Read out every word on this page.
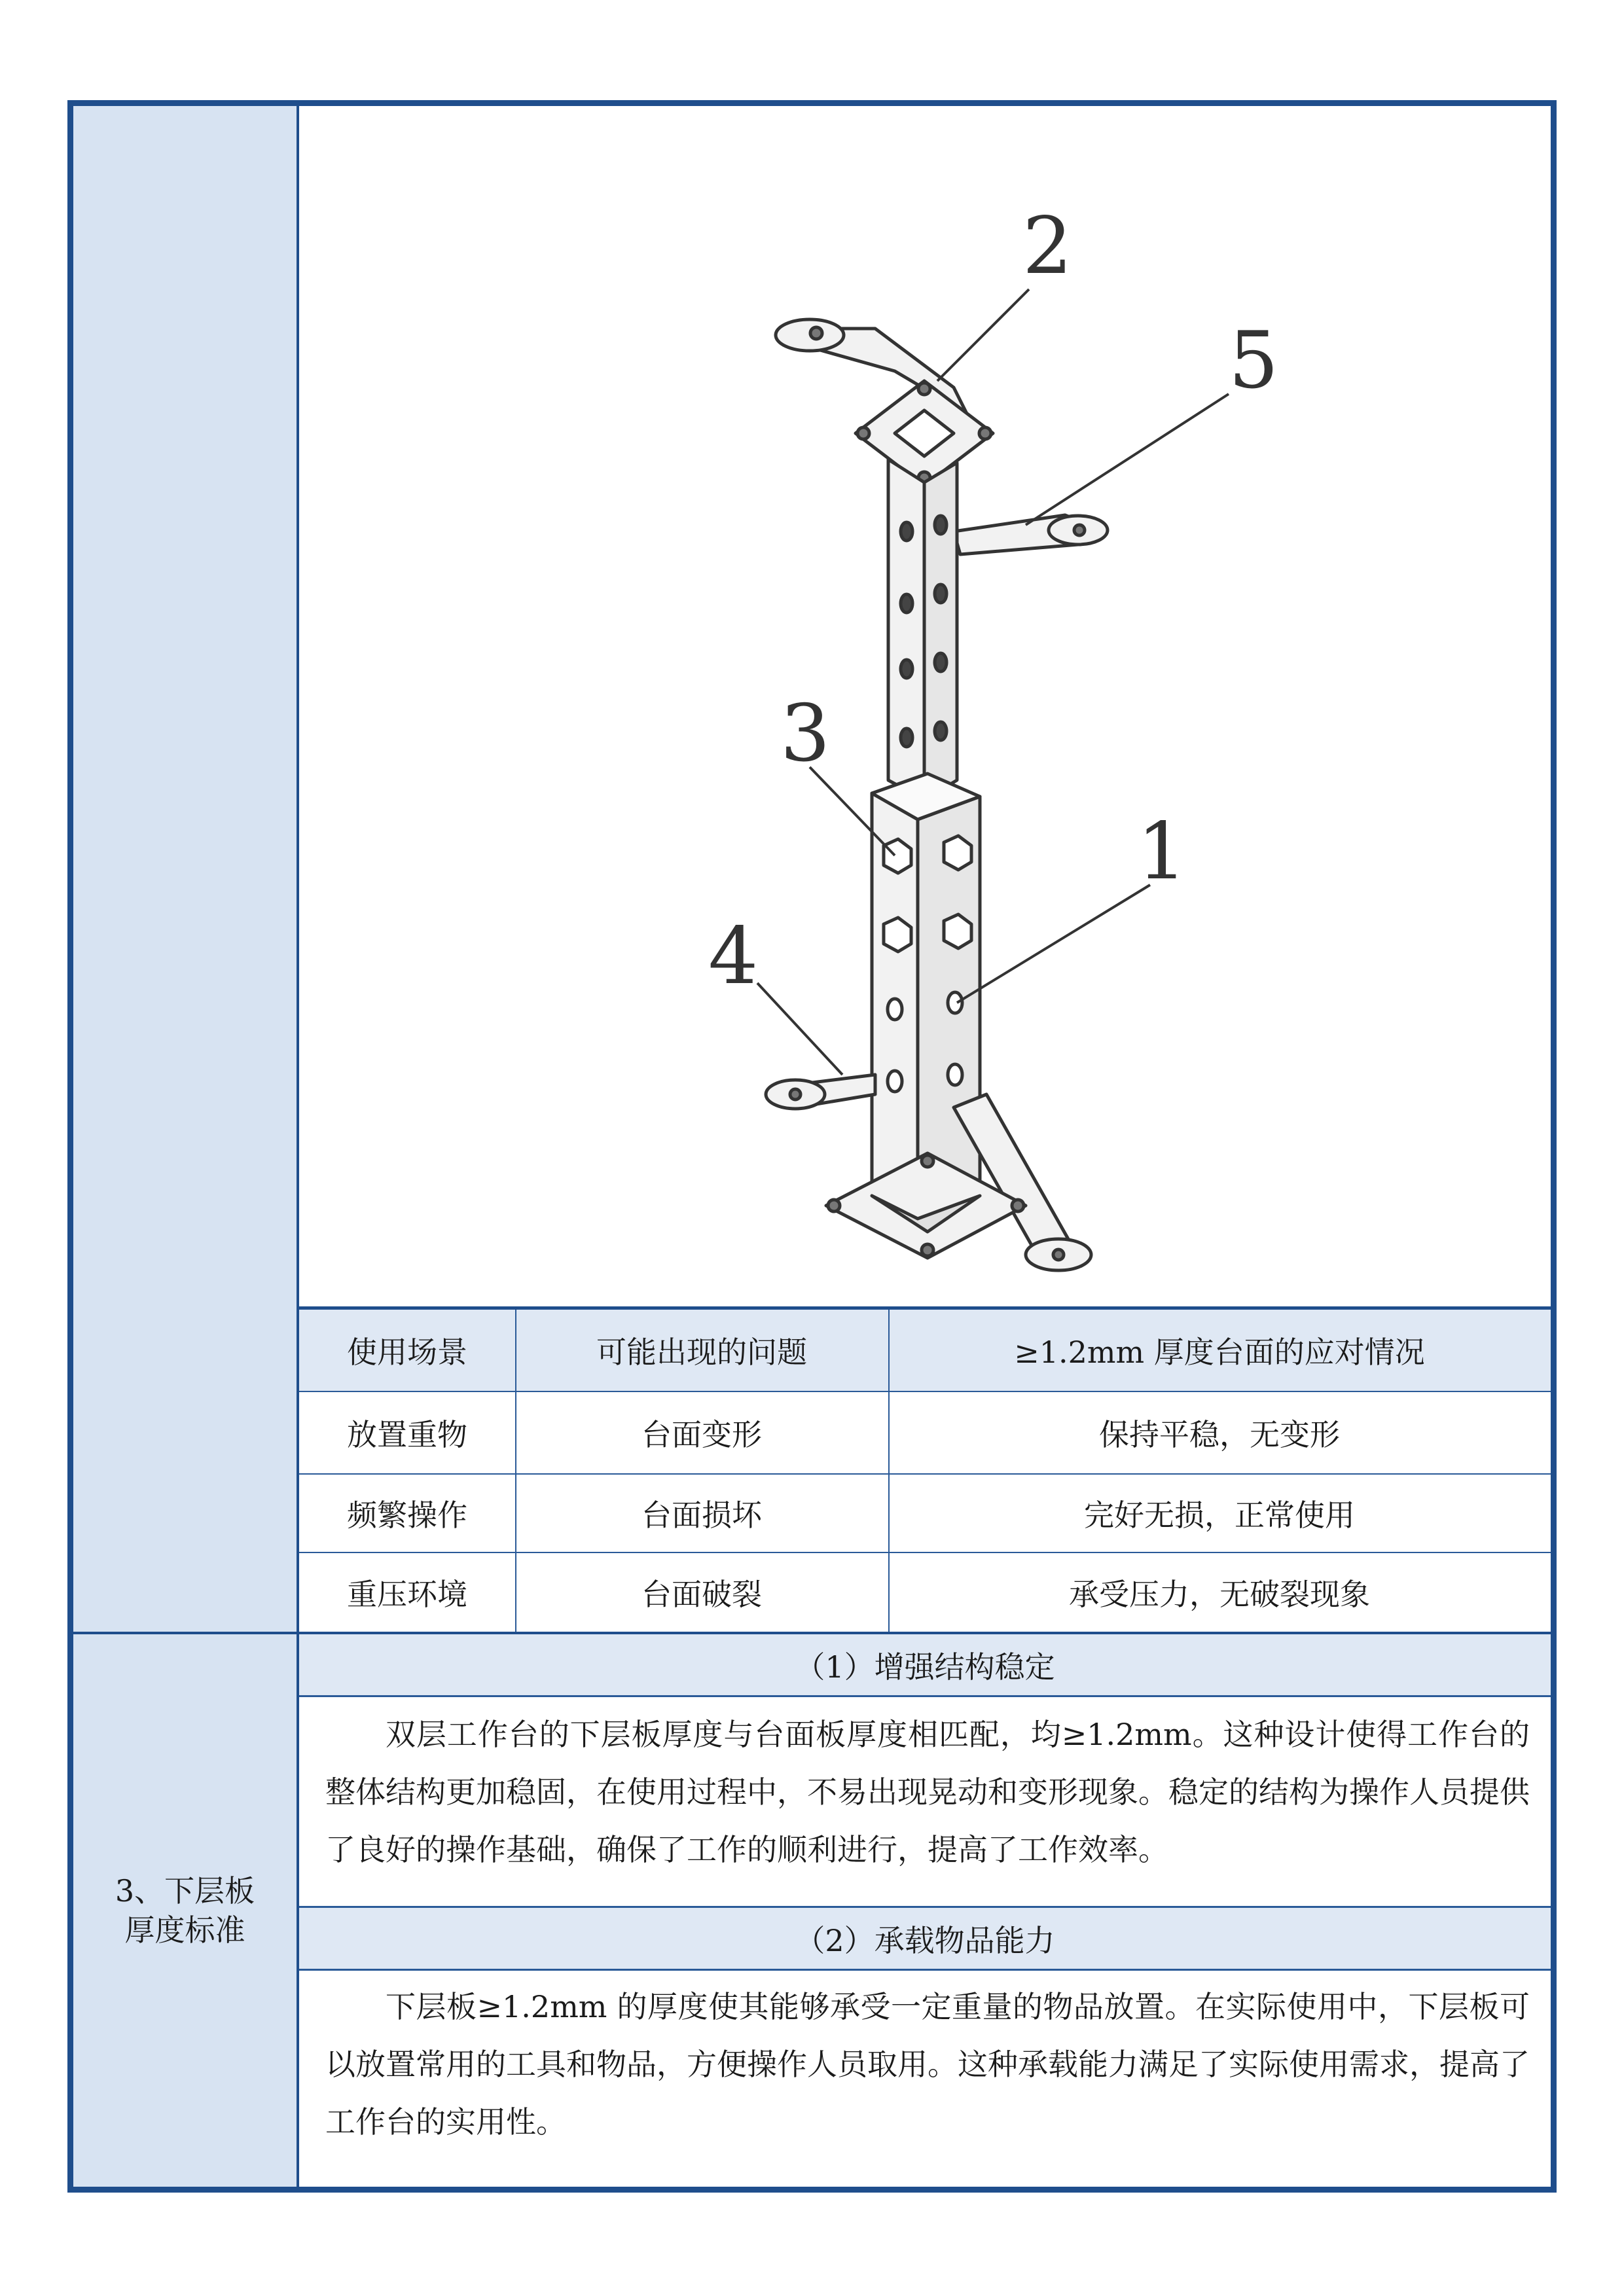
2
5
3
1
4
使用场景	可能出现的问题	≥1.2mm 厚度台面的应对情况
放置重物	台面变形	保持平稳，无变形
频繁操作	台面损坏	完好无损，正常使用
重压环境	台面破裂	承受压力，无破裂现象
3、下层板
厚度标准
（1）增强结构稳定
双层工作台的下层板厚度与台面板厚度相匹配，均≥1.2mm。这种设计使得工作台的整体结构更加稳固，在使用过程中，不易出现晃动和变形现象。稳定的结构为操作人员提供了良好的操作基础，确保了工作的顺利进行，提高了工作效率。
（2）承载物品能力
下层板≥1.2mm 的厚度使其能够承受一定重量的物品放置。在实际使用中，下层板可以放置常用的工具和物品，方便操作人员取用。这种承载能力满足了实际使用需求，提高了工作台的实用性。
